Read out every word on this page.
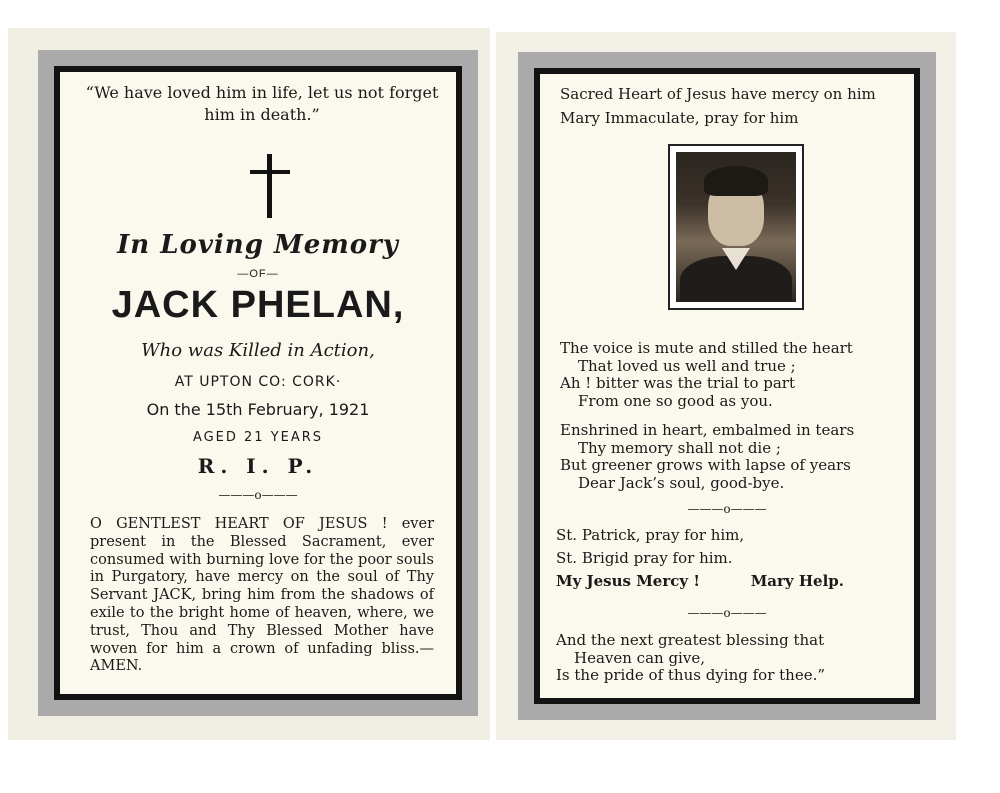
“We have loved him in life, let us not forget him in death.”
In Loving Memory
—OF—
JACK PHELAN,
Who was Killed in Action,
AT UPTON CO: CORK·
On the 15th February, 1921
AGED 21 YEARS
R. I. P.
———o———
O GENTLEST HEART OF JESUS ! ever present in the Blessed Sacrament, ever consumed with burning love for the poor souls in Purgatory, have mercy on the soul of Thy Servant JACK, bring him from the shadows of exile to the bright home of heaven, where, we trust, Thou and Thy Blessed Mother have woven for him a crown of unfading bliss.—AMEN.
Sacred Heart of Jesus have mercy on him
Mary Immaculate, pray for him
The voice is mute and stilled the heart
That loved us well and true ;
Ah ! bitter was the trial to part
From one so good as you.
Enshrined in heart, embalmed in tears
Thy memory shall not die ;
But greener grows with lapse of years
Dear Jack’s soul, good-bye.
———o———
St. Patrick, pray for him,
St. Brigid pray for him.
My Jesus Mercy !	Mary Help.
———o———
And the next greatest blessing that
Heaven can give,
Is the pride of thus dying for thee.”
